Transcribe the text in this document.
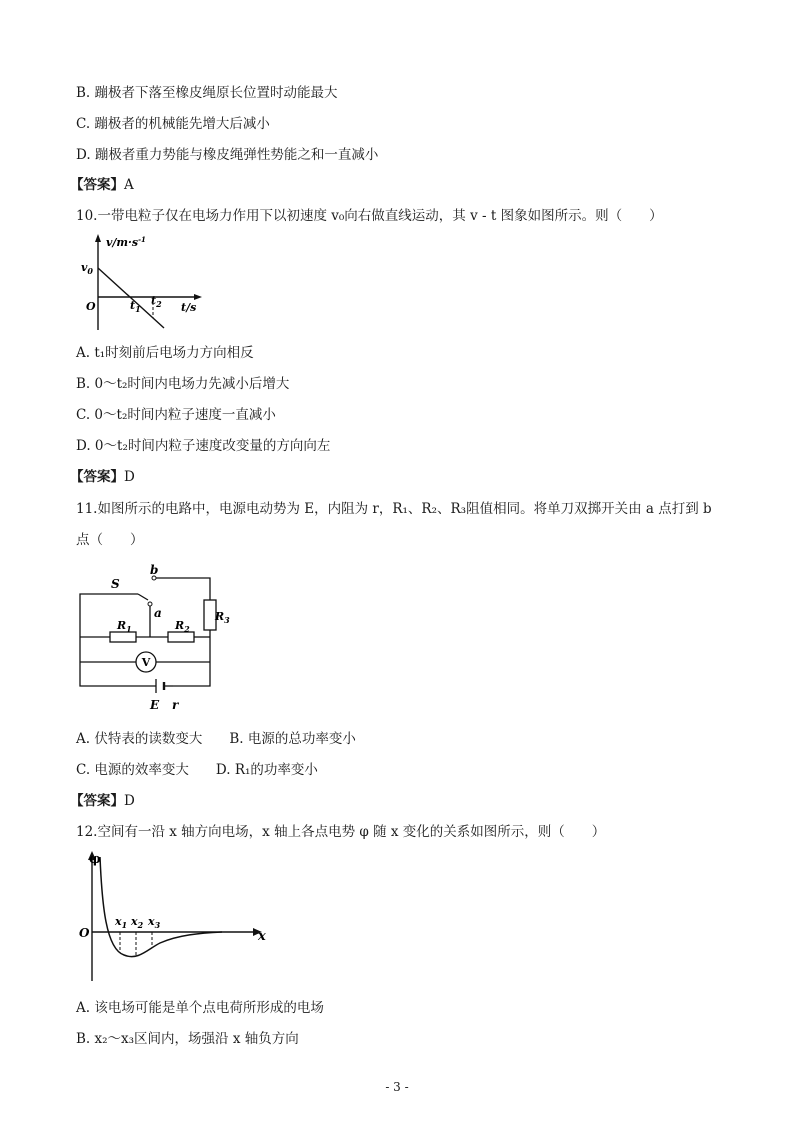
B. 蹦极者下落至橡皮绳原长位置时动能最大
C. 蹦极者的机械能先增大后减小
D. 蹦极者重力势能与橡皮绳弹性势能之和一直减小
【答案】A
10.一带电粒子仅在电场力作用下以初速度 v₀向右做直线运动，其 v - t 图象如图所示。则（　　）
$v/m\cdot s^{-1}$
$v_0$
O	$t_1$
$t_2$ t/s
A. t₁时刻前后电场力方向相反
B. 0～t₂时间内电场力先减小后增大
C. 0～t₂时间内粒子速度一直减小
D. 0～t₂时间内粒子速度改变量的方向向左
【答案】D
11.如图所示的电路中，电源电动势为 E，内阻为 r，R₁、R₂、R₃阻值相同。将单刀双掷开关由 a 点打到 b
点（　　）
S
b
a
$R_1$	$R_2$
$R_3$
V
E r
A. 伏特表的读数变大　　B. 电源的总功率变小
C. 电源的效率变大　　D. R₁的功率变小
【答案】D
12.空间有一沿 x 轴方向电场，x 轴上各点电势 φ 随 x 变化的关系如图所示，则（　　）
φ
O	x
$x_1$ $x_2$ $x_3$
A. 该电场可能是单个点电荷所形成的电场
B. x₂～x₃区间内，场强沿 x 轴负方向
- 3 -
